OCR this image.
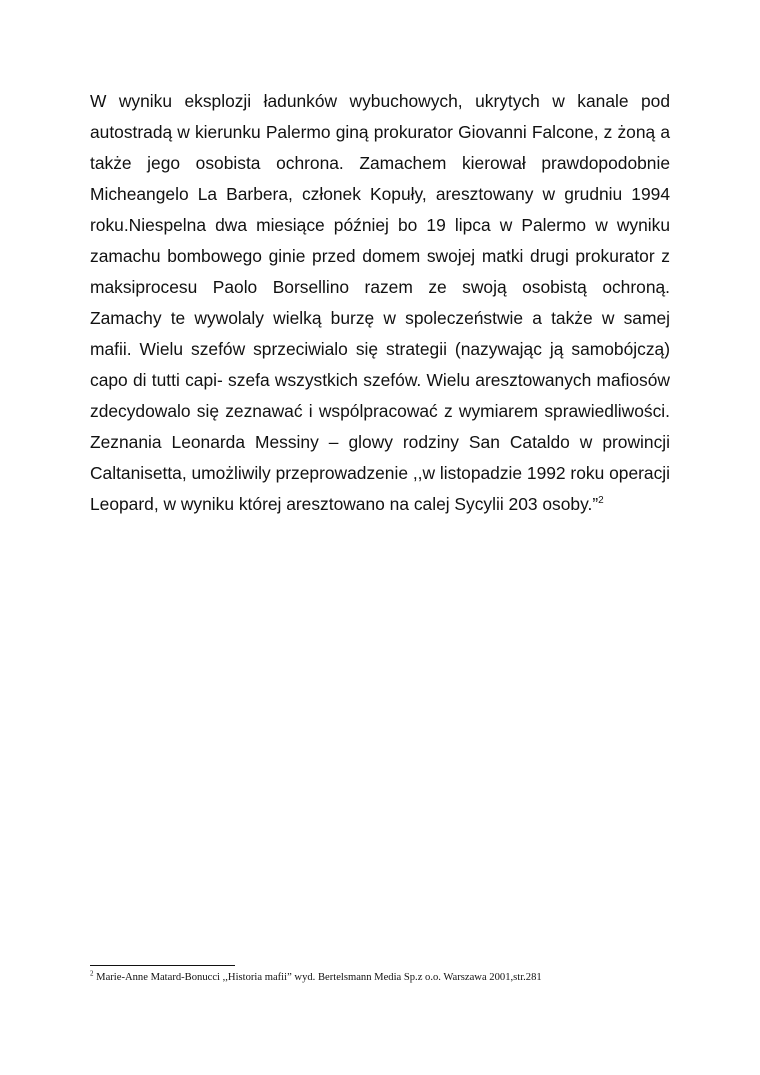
W wyniku eksplozji ładunków wybuchowych, ukrytych w kanale pod autostradą w kierunku Palermo giną prokurator Giovanni Falcone, z żoną a także jego osobista ochrona. Zamachem kierował prawdopodobnie Micheangelo La Barbera, członek Kopuły, aresztowany w grudniu 1994 roku.Niespelna dwa miesiące później bo 19 lipca w Palermo w wyniku zamachu bombowego ginie przed domem swojej matki drugi prokurator z maksiprocesu Paolo Borsellino razem ze swoją osobistą ochroną. Zamachy te wywolaly wielką burzę w spoleczeństwie a także w samej mafii. Wielu szefów sprzeciwialo się strategii (nazywając ją samobójczą) capo di tutti capi- szefa wszystkich szefów. Wielu aresztowanych mafiosów zdecydowalo się zeznawać i wspólpracować z wymiarem sprawiedliwości. Zeznania Leonarda Messiny – glowy rodziny San Cataldo w prowincji Caltanisetta, umożliwily przeprowadzenie ,,w listopadzie 1992 roku operacji Leopard, w wyniku której aresztowano na calej Sycylii 203 osoby.”$^2$

$^2$ Marie-Anne Matard-Bonucci ,,Historia mafii” wyd. Bertelsmann Media Sp.z o.o. Warszawa 2001,str.281
